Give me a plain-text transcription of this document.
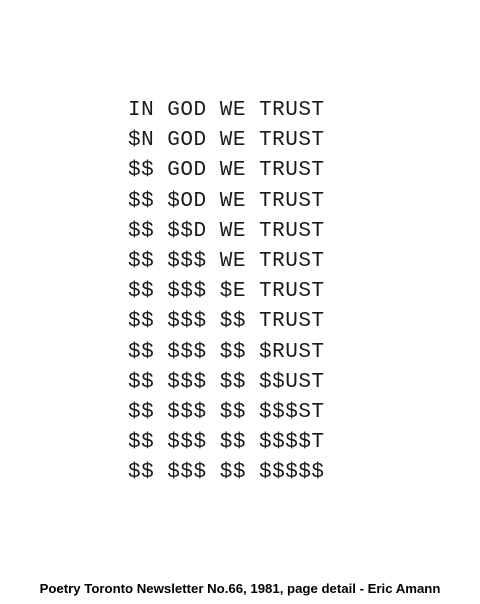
IN GOD WE TRUST
$N GOD WE TRUST
$$ GOD WE TRUST
$$ $OD WE TRUST
$$ $$D WE TRUST
$$ $$$ WE TRUST
$$ $$$ $E TRUST
$$ $$$ $$ TRUST
$$ $$$ $$ $RUST
$$ $$$ $$ $$UST
$$ $$$ $$ $$$ST
$$ $$$ $$ $$$$T
$$ $$$ $$ $$$$$
Poetry Toronto Newsletter No.66, 1981, page detail - Eric Amann
